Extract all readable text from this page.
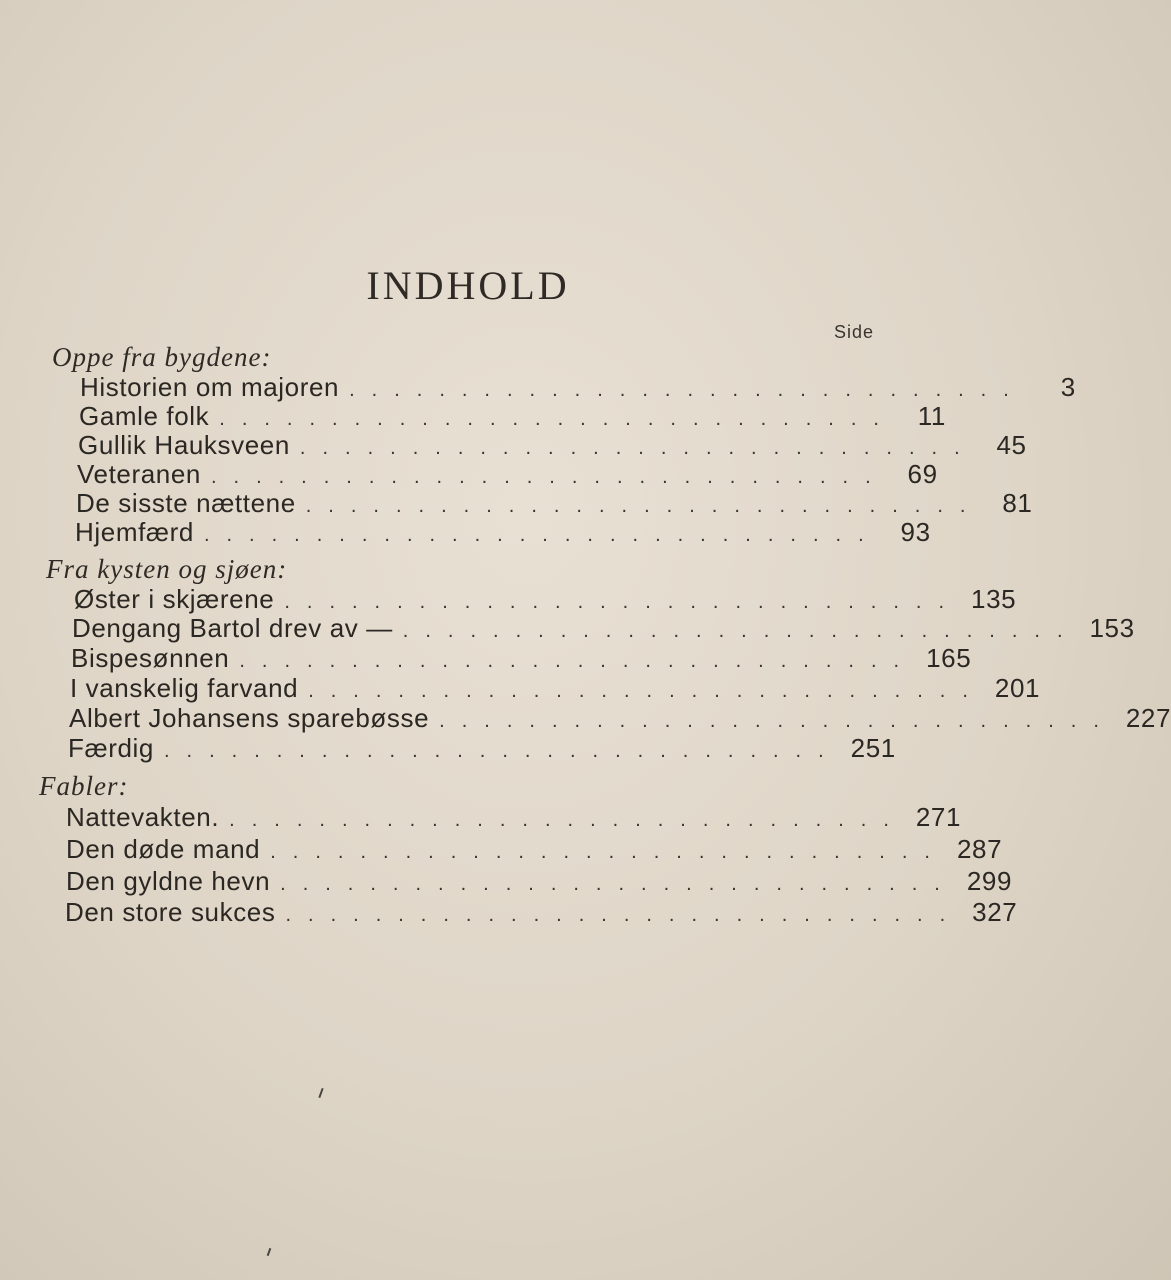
INDHOLD
Side
Oppe fra bygdene:
Historien om majoren ..............................	3
Gamle folk .............................. 11
Gullik Hauksveen .............................. 45
Veteranen .............................. 69
De sisste nættene .............................. 81
Hjemfærd .............................. 93
Fra kysten og sjøen:
Øster i skjærene .............................. 135
Dengang Bartol drev av — .............................. 153
Bispesønnen .............................. 165
I vanskelig farvand .............................. 201
Albert Johansens sparebøsse .............................. 227
Færdig .............................. 251
Fabler:
Nattevakten. .............................. 271
Den døde mand .............................. 287
Den gyldne hevn .............................. 299
Den store sukces .............................. 327
